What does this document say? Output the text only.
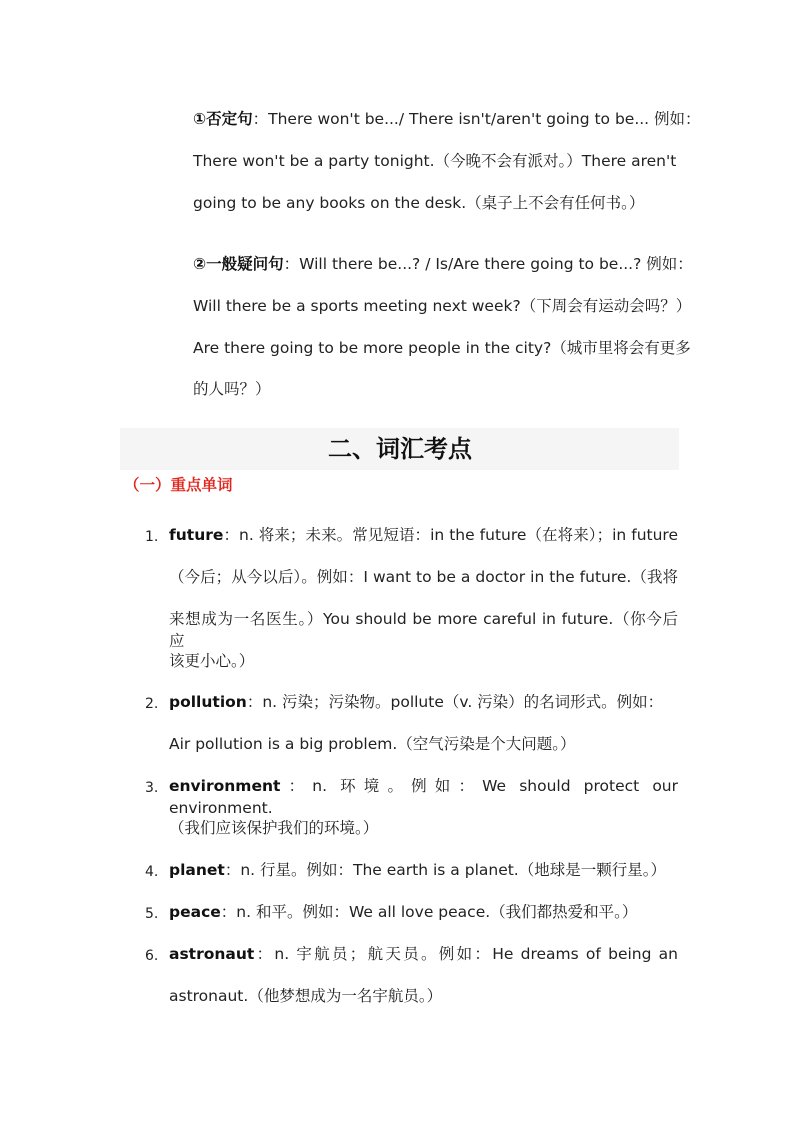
①否定句：There won't be.../ There isn't/aren't going to be... 例如：
There won't be a party tonight.（今晚不会有派对。）There aren't
going to be any books on the desk.（桌子上不会有任何书。）
②一般疑问句：Will there be...? / Is/Are there going to be...? 例如：
Will there be a sports meeting next week?（下周会有运动会吗？）
Are there going to be more people in the city?（城市里将会有更多
的人吗？）
二、词汇考点
（一）重点单词
1. future：n. 将来；未来。常见短语：in the future（在将来）；in future
（今后；从今以后）。例如：I want to be a doctor in the future.（我将
来想成为一名医生。）You should be more careful in future.（你今后应
该更小心。）
2. pollution：n. 污染；污染物。pollute（v. 污染）的名词形式。例如：
Air pollution is a big problem.（空气污染是个大问题。）
3. environment：n. 环境。例如：We should protect our environment.
（我们应该保护我们的环境。）
4. planet：n. 行星。例如：The earth is a planet.（地球是一颗行星。）
5. peace：n. 和平。例如：We all love peace.（我们都热爱和平。）
6. astronaut：n. 宇航员；航天员。例如：He dreams of being an
astronaut.（他梦想成为一名宇航员。）
